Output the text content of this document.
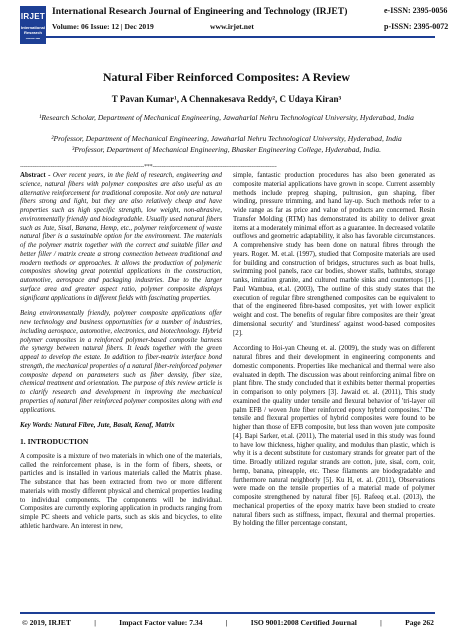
IRJET
International Research
International Research Journal of Engineering and Technology (IRJET)	e-ISSN: 2395-0056
Volume: 06 Issue: 12 | Dec 2019	www.irjet.net	p-ISSN: 2395-0072
Natural Fiber Reinforced Composites: A Review
T Pavan Kumar¹, A Chennakesava Reddy², C Udaya Kiran³
¹Research Scholar, Department of Mechanical Engineering, Jawaharlal Nehru Technological University, Hyderabad, India
²Professor, Department of Mechanical Engineering, Jawaharlal Nehru Technological University, Hyderabad, India
³Professor, Department of Mechanical Engineering, Bhasker Engineering College, Hyderabad, India.
---------------------------------------------------------------------***---------------------------------------------------------------------

Abstract - Over recent years, in the field of research, engineering and science, natural fibers with polymer composites are also useful as an alternative reinforcement for traditional composite. Not only are natural fibers strong and light, but they are also relatively cheap and have properties such as high specific strength, low weight, non-abrasive, environmentally friendly and biodegradable. Usually used natural fibers such as Jute, Sisal, Banana, Hemp, etc., polymer reinforcement of waste natural fiber is a sustainable option for the environment. The materials of the polymer matrix together with the correct and suitable filler and better filler / matrix create a strong connection between traditional and modern methods or approaches. It allows the production of polymeric composites showing great potential applications in the construction, automotive, aerospace and packaging industries. Due to the larger surface area and greater aspect ratio, polymer composite displays significant applications in different fields with fascinating properties.

Being environmentally friendly, polymer composite applications offer new technology and business opportunities for a number of industries, including aerospace, automotive, electronics, and biotechnology. Hybrid polymer composites in a reinforced polymer-based composite harness the synergy between natural fibers. It leads together with the green appeal to develop the estate. In addition to fiber-matrix interface bond strength, the mechanical properties of a natural fiber-reinforced polymer composite depend on parameters such as fiber density, fiber size, chemical treatment and orientation. The purpose of this review article is to clarify research and development in improving the mechanical properties of natural fiber reinforced polymer composites along with end applications.

Key Words: Natural Fibre, Jute, Basalt, Kenaf, Matrix

1. INTRODUCTION

A composite is a mixture of two materials in which one of the materials, called the reinforcement phase, is in the form of fibers, sheets, or particles and is installed in various materials called the Matrix phase. The substance that has been extracted from two or more different materials with mostly different physical and chemical properties leading to individual components. The components will be individual. Composites are currently exploring application in products ranging from simple PC sheets and vehicle parts, such as skis and bicycles, to elite athletic hardware. An interest in new,

simple, fantastic production procedures has also been generated as composite material applications have grown in scope. Current assembly methods include prepreg shaping, pultrusion, gun shaping, fiber winding, pressure trimming, and hand lay-up. Such methods refer to a wide range as far as price and value of products are concerned. Resin Transfer Molding (RTM) has demonstrated its ability to deliver great items at a moderately minimal effort as a guarantee. In decreased volatile outflows and geometric adaptability, it also has favorable circumstances. A comprehensive study has been done on natural fibres through the years. Roger. M. et.al. (1997), studied that Composite materials are used for building and construction of bridges, structures such as boat hulls, swimming pool panels, race car bodies, shower stalls, bathtubs, storage tanks, imitation granite, and cultured marble sinks and countertops [1]. Paul Wambua, et.al. (2003), The outline of this study states that the execution of regular fibre strengthened composites can be equivalent to that of the engineered fibre-based composites, yet with lower explicit weight and cost. The benefits of regular fibre composites are their 'great dimensional security' and 'sturdiness' against wood-based composites [2].

According to Hoi-yan Cheung et. al. (2009), the study was on different natural fibres and their development in engineering components and domestic components. Properties like mechanical and thermal were also evaluated in depth. The discussion was about reinforcing animal fibre on plant fibre. The study concluded that it exhibits better thermal properties in comparison to only polymers [3]. Jawaid et. al. (2011), This study examined the quality under tensile and flexural behavior of 'tri-layer oil palm EFB / woven Jute fiber reinforced epoxy hybrid composites.' The tensile and flexural properties of hybrid composites were found to be higher than those of EFB composite, but less than woven jute composite [4]. Bapi Sarker, et.al. (2011), The material used in this study was found to have low thickness, higher quality, and modulus than plastic, which is why it is a decent substitute for customary strands for greater part of the time. Broadly utilized regular strands are cotton, jute, sisal, corn, coir, hemp, banana, pineapple, etc. These filaments are biodegradable and furthermore natural neighborly [5]. Ku H, et. al. (2011), Observations were made on the tensile properties of a material made of polymer composite strengthened by natural fiber [6]. Rafeeq et.al. (2013), the mechanical properties of the epoxy matrix have been studied to create natural fibers such as stiffness, impact, flexural and thermal properties. By holding the filler percentage constant,

© 2019, IRJET	|	Impact Factor value: 7.34	|	ISO 9001:2008 Certified Journal	|	Page 262
